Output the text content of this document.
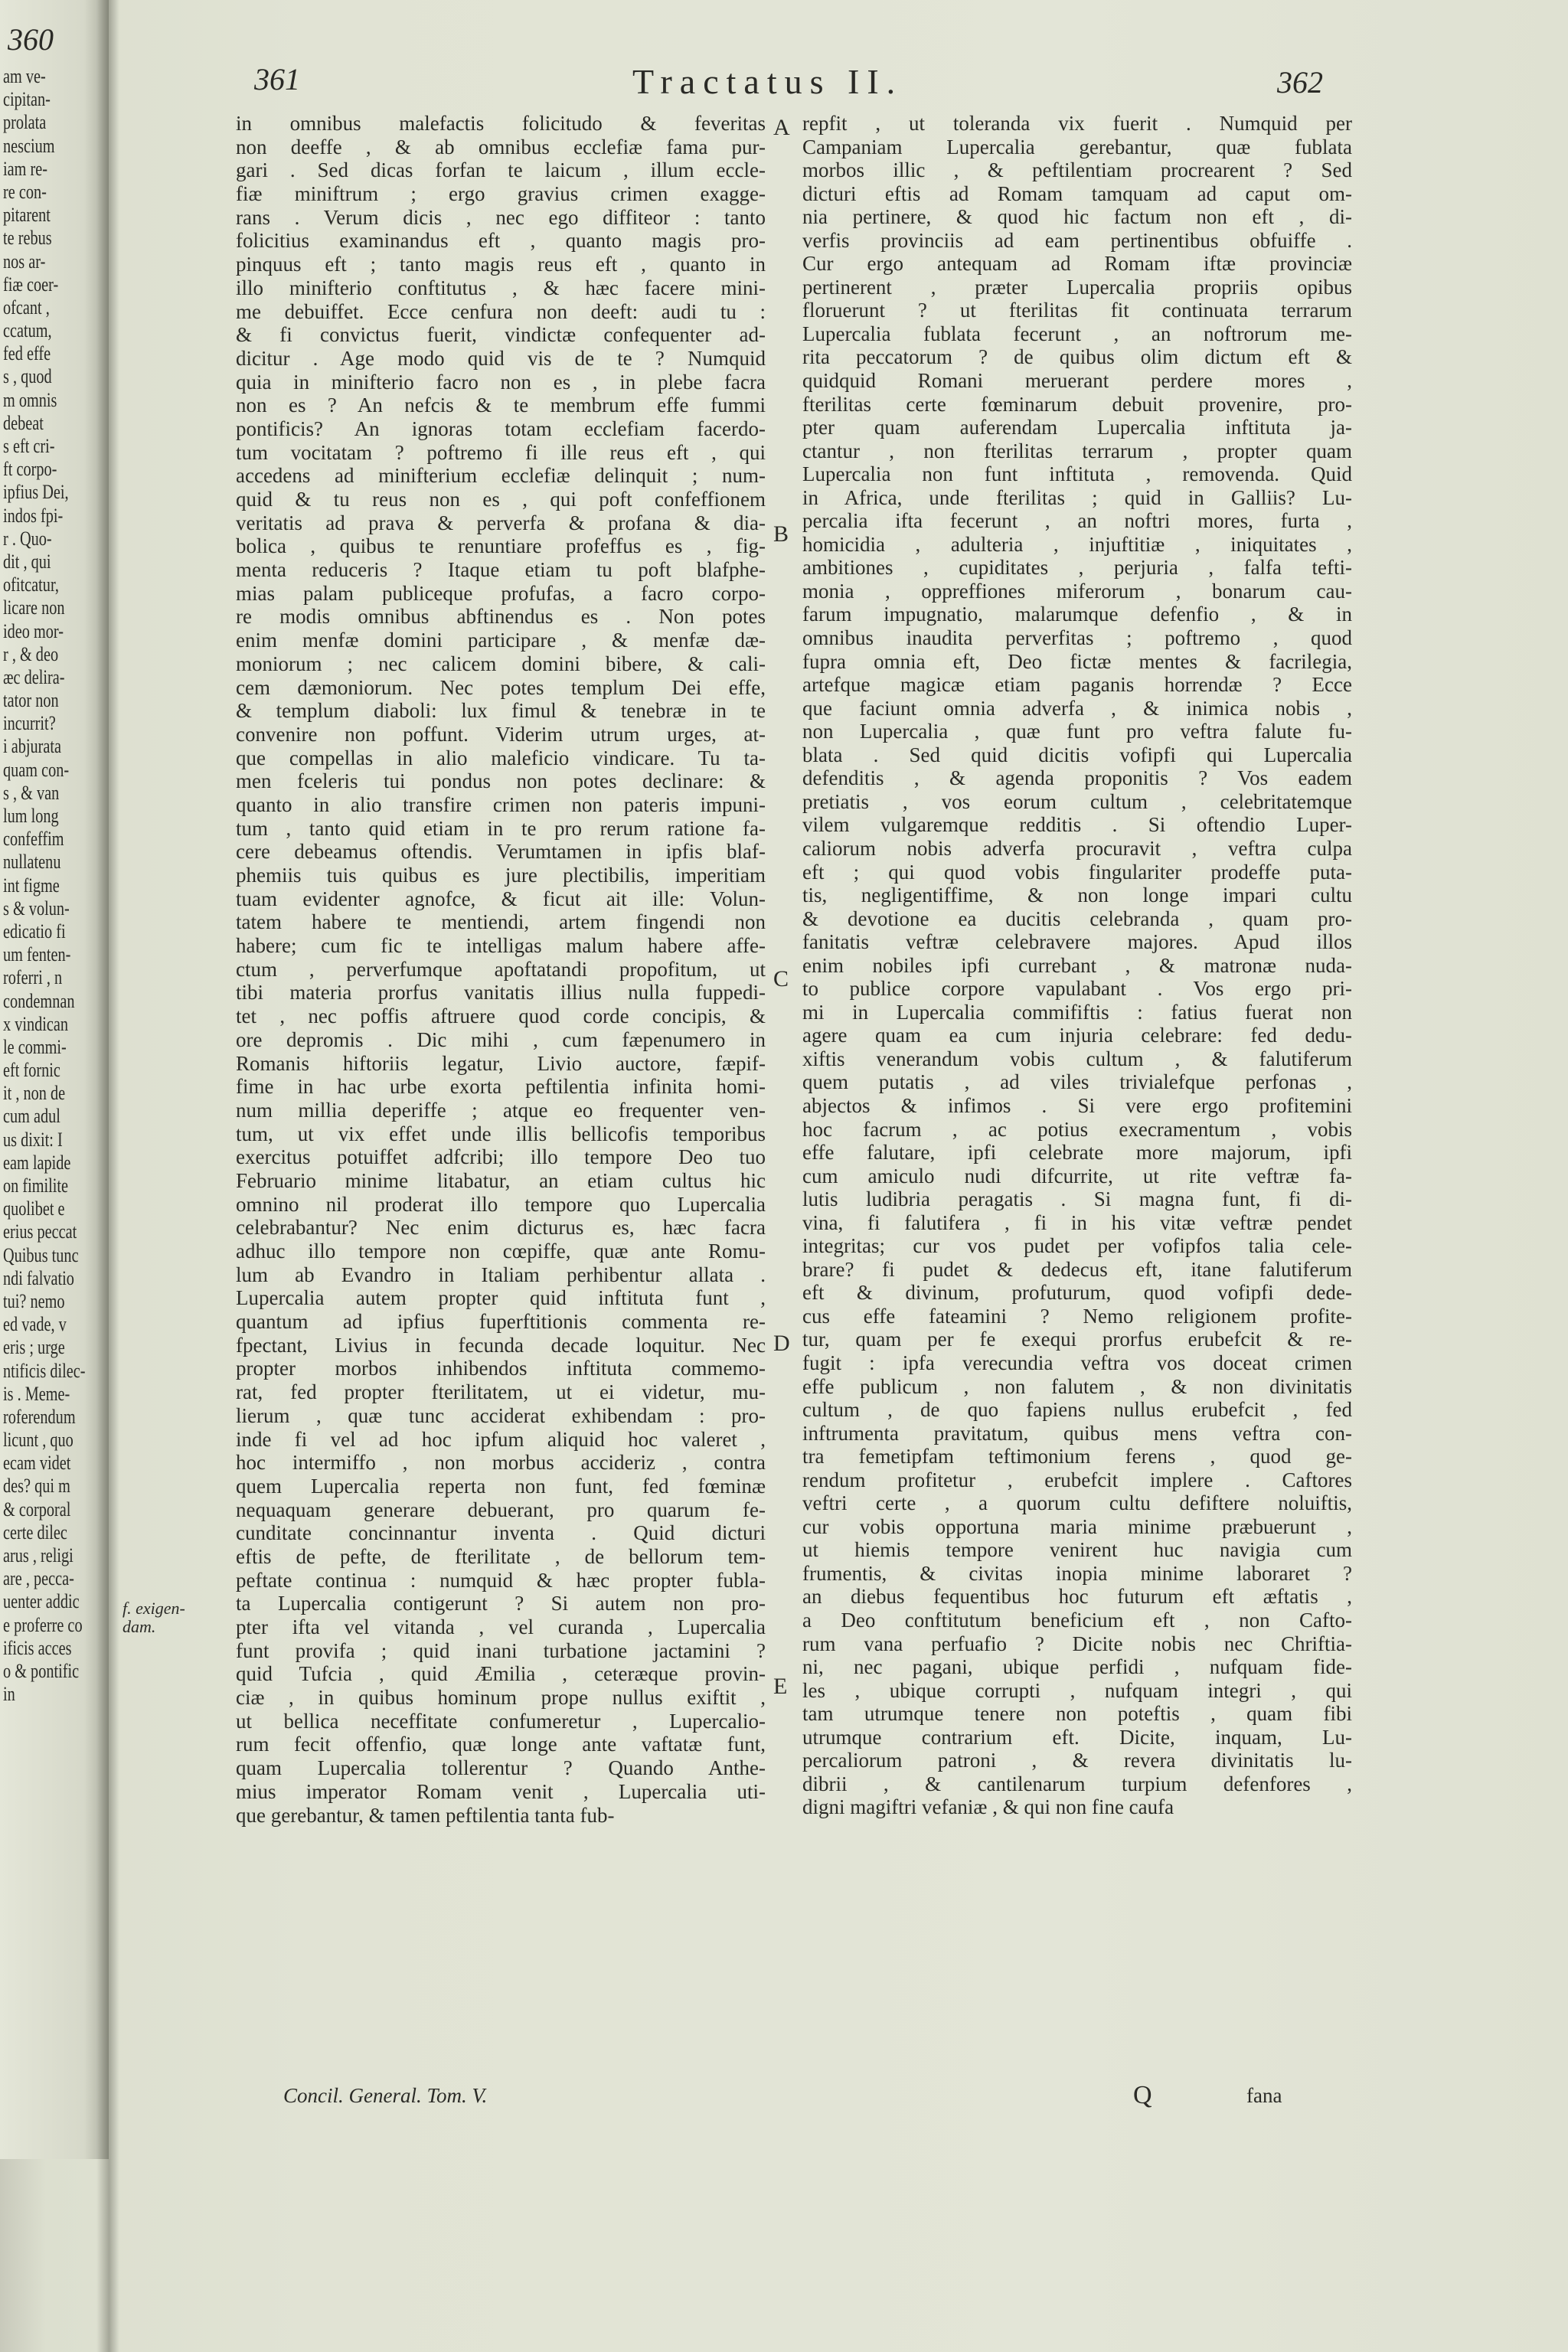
360
am ve-
cipitan-
prolata
nescium
iam re-
re con-
pitarent
te rebus
nos ar-
fiæ coer-
ofcant ,
ccatum,
fed effe
s , quod
m omnis
debeat
s eft cri-
ft corpo-
ipfius Dei,
indos fpi-
r . Quo-
dit , qui
ofitcatur,
licare non
ideo mor-
r , & deo
æc delira-
tator non
incurrit?
i abjurata
quam con-
s , & van
lum long
confeffim
nullatenu
int figme
s & volun-
edicatio fi
um fenten-
roferri , n
condemnan
x vindican
le commi-
eft fornic
it , non de
cum adul
us dixit: I
eam lapide
on fimilite
quolibet e
erius peccat
Quibus tunc
ndi falvatio
tui? nemo
ed vade, v
eris ; urge
ntificis dilec-
is . Meme-
roferendum
licunt , quo
ecam videt
des? qui m
& corporal
certe dilec
arus , religi
are , pecca-
uenter addic
e proferre co
ificis acces
o & pontific
in
361	Tractatus II.	362
in omnibus malefactis folicitudo & feveritas
non deeffe , & ab omnibus ecclefiæ fama pur-
gari . Sed dicas forfan te laicum , illum eccle-
fiæ miniftrum ; ergo gravius crimen exagge-
rans . Verum dicis , nec ego diffiteor : tanto
folicitius examinandus eft , quanto magis pro-
pinquus eft ; tanto magis reus eft , quanto in
illo minifterio conftitutus , & hæc facere mini-
me debuiffet. Ecce cenfura non deeft: audi tu :
& fi convictus fuerit, vindictæ confequenter ad-
dicitur . Age modo quid vis de te ? Numquid
quia in minifterio facro non es , in plebe facra
non es ? An nefcis & te membrum effe fummi
pontificis? An ignoras totam ecclefiam facerdo-
tum vocitatam ? poftremo fi ille reus eft , qui
accedens ad minifterium ecclefiæ delinquit ; num-
quid & tu reus non es , qui poft confeffionem
veritatis ad prava & perverfa & profana & dia-
bolica , quibus te renuntiare profeffus es , fig-
menta reduceris ? Itaque etiam tu poft blafphe-
mias palam publiceque profufas, a facro corpo-
re modis omnibus abftinendus es . Non potes
enim menfæ domini participare , & menfæ dæ-
moniorum ; nec calicem domini bibere, & cali-
cem dæmoniorum. Nec potes templum Dei effe,
& templum diaboli: lux fimul & tenebræ in te
convenire non poffunt. Viderim utrum urges, at-
que compellas in alio maleficio vindicare. Tu ta-
men fceleris tui pondus non potes declinare: &
quanto in alio transfire crimen non pateris impuni-
tum , tanto quid etiam in te pro rerum ratione fa-
cere debeamus oftendis. Verumtamen in ipfis blaf-
phemiis tuis quibus es jure plectibilis, imperitiam
tuam evidenter agnofce, & ficut ait ille: Volun-
tatem habere te mentiendi, artem fingendi non
habere; cum fic te intelligas malum habere affe-
ctum , perverfumque apoftatandi propofitum, ut
tibi materia prorfus vanitatis illius nulla fuppedi-
tet , nec poffis aftruere quod corde concipis, &
ore depromis . Dic mihi , cum fæpenumero in
Romanis hiftoriis legatur, Livio auctore, fæpif-
fime in hac urbe exorta peftilentia infinita homi-
num millia deperiffe ; atque eo frequenter ven-
tum, ut vix effet unde illis bellicofis temporibus
exercitus potuiffet adfcribi; illo tempore Deo tuo
Februario minime litabatur, an etiam cultus hic
omnino nil proderat illo tempore quo Lupercalia
celebrabantur? Nec enim dicturus es, hæc facra
adhuc illo tempore non cœpiffe, quæ ante Romu-
lum ab Evandro in Italiam perhibentur allata .
Lupercalia autem propter quid inftituta funt ,
quantum ad ipfius fuperftitionis commenta re-
fpectant, Livius in fecunda decade loquitur. Nec
propter morbos inhibendos inftituta commemo-
rat, fed propter fterilitatem, ut ei videtur, mu-
lierum , quæ tunc acciderat exhibendam : pro-
inde fi vel ad hoc ipfum aliquid hoc valeret ,
hoc intermiffo , non morbus accideriz , contra
quem Lupercalia reperta non funt, fed fœminæ
nequaquam generare debuerant, pro quarum fe-
cunditate concinnantur inventa . Quid dicturi
eftis de pefte, de fterilitate , de bellorum tem-
peftate continua : numquid & hæc propter fubla-
ta Lupercalia contigerunt ? Si autem non pro-
pter ifta vel vitanda , vel curanda , Lupercalia
funt provifa ; quid inani turbatione jactamini ?
quid Tufcia , quid Æmilia , ceteræque provin-
ciæ , in quibus hominum prope nullus exiftit ,
ut bellica neceffitate confumeretur , Lupercalio-
rum fecit offenfio, quæ longe ante vaftatæ funt,
quam Lupercalia tollerentur ? Quando Anthe-
mius imperator Romam venit , Lupercalia uti-
que gerebantur, & tamen peftilentia tanta fub-
repfit , ut toleranda vix fuerit . Numquid per
Campaniam Lupercalia gerebantur, quæ fublata
morbos illic , & peftilentiam procrearent ? Sed
dicturi eftis ad Romam tamquam ad caput om-
nia pertinere, & quod hic factum non eft , di-
verfis provinciis ad eam pertinentibus obfuiffe .
Cur ergo antequam ad Romam iftæ provinciæ
pertinerent , præter Lupercalia propriis opibus
floruerunt ? ut fterilitas fit continuata terrarum
Lupercalia fublata fecerunt , an noftrorum me-
rita peccatorum ? de quibus olim dictum eft &
quidquid Romani meruerant perdere mores ,
fterilitas certe fœminarum debuit provenire, pro-
pter quam auferendam Lupercalia inftituta ja-
ctantur , non fterilitas terrarum , propter quam
Lupercalia non funt inftituta , removenda. Quid
in Africa, unde fterilitas ; quid in Galliis? Lu-
percalia ifta fecerunt , an noftri mores, furta ,
homicidia , adulteria , injuftitiæ , iniquitates ,
ambitiones , cupiditates , perjuria , falfa tefti-
monia , oppreffiones miferorum , bonarum cau-
farum impugnatio, malarumque defenfio , & in
omnibus inaudita perverfitas ; poftremo , quod
fupra omnia eft, Deo fictæ mentes & facrilegia,
artefque magicæ etiam paganis horrendæ ? Ecce
que faciunt omnia adverfa , & inimica nobis ,
non Lupercalia , quæ funt pro veftra falute fu-
blata . Sed quid dicitis vofipfi qui Lupercalia
defenditis , & agenda proponitis ? Vos eadem
pretiatis , vos eorum cultum , celebritatemque
vilem vulgaremque redditis . Si oftendio Luper-
caliorum nobis adverfa procuravit , veftra culpa
eft ; qui quod vobis fingulariter prodeffe puta-
tis, negligentiffime, & non longe impari cultu
& devotione ea ducitis celebranda , quam pro-
fanitatis veftræ celebravere majores. Apud illos
enim nobiles ipfi currebant , & matronæ nuda-
to publice corpore vapulabant . Vos ergo pri-
mi in Lupercalia commififtis : fatius fuerat non
agere quam ea cum injuria celebrare: fed dedu-
xiftis venerandum vobis cultum , & falutiferum
quem putatis , ad viles trivialefque perfonas ,
abjectos & infimos . Si vere ergo profitemini
hoc facrum , ac potius execramentum , vobis
effe falutare, ipfi celebrate more majorum, ipfi
cum amiculo nudi difcurrite, ut rite veftræ fa-
lutis ludibria peragatis . Si magna funt, fi di-
vina, fi falutifera , fi in his vitæ veftræ pendet
integritas; cur vos pudet per vofipfos talia cele-
brare? fi pudet & dedecus eft, itane falutiferum
eft & divinum, profuturum, quod vofipfi dede-
cus effe fateamini ? Nemo religionem profite-
tur, quam per fe exequi prorfus erubefcit & re-
fugit : ipfa verecundia veftra vos doceat crimen
effe publicum , non falutem , & non divinitatis
cultum , de quo fapiens nullus erubefcit , fed
inftrumenta pravitatum, quibus mens veftra con-
tra femetipfam teftimonium ferens , quod ge-
rendum profitetur , erubefcit implere . Caftores
veftri certe , a quorum cultu defiftere noluiftis,
cur vobis opportuna maria minime præbuerunt ,
ut hiemis tempore venirent huc navigia cum
frumentis, & civitas inopia minime laboraret ?
an diebus fequentibus hoc futurum eft æftatis ,
a Deo conftitutum beneficium eft , non Cafto-
rum vana perfuafio ? Dicite nobis nec Chriftia-
ni, nec pagani, ubique perfidi , nufquam fide-
les , ubique corrupti , nufquam integri , qui
tam utrumque tenere non poteftis , quam fibi
utrumque contrarium eft. Dicite, inquam, Lu-
percaliorum patroni , & revera divinitatis lu-
dibrii , & cantilenarum turpium defenfores ,
digni magiftri vefaniæ , & qui non fine caufa
A
B
C
D
E
f. exigen-dam.
Concil. General. Tom. V.	Q	fana
